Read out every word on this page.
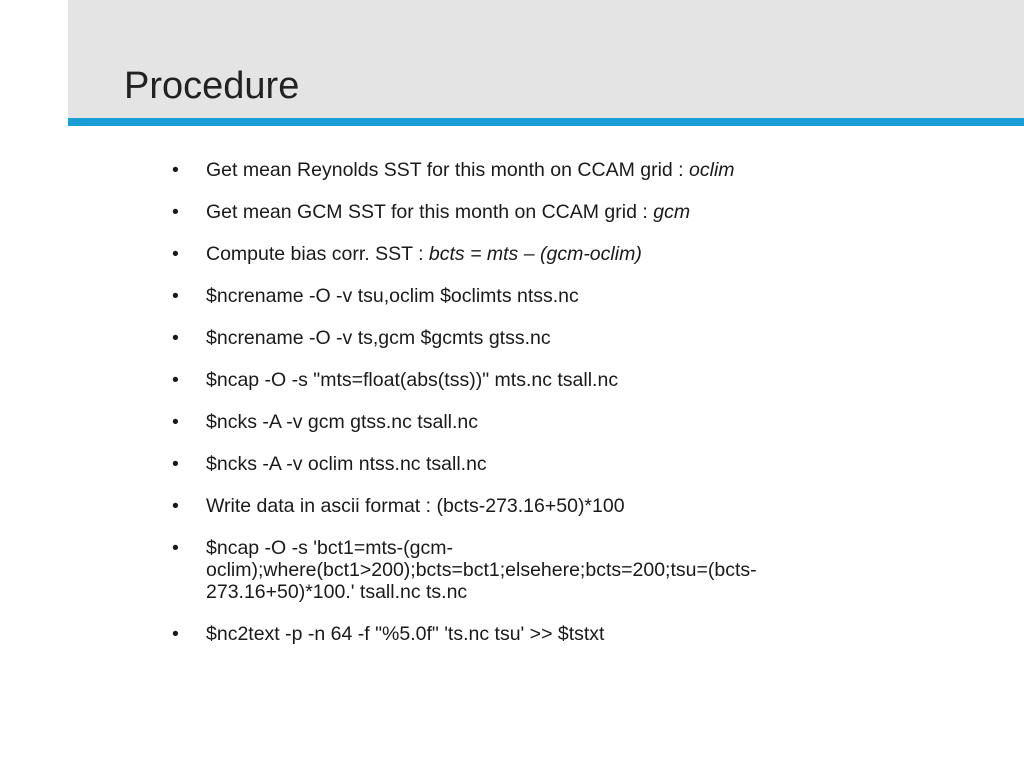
Procedure
• Get mean Reynolds SST for this month on CCAM grid : oclim
• Get mean GCM SST for this month on CCAM grid : gcm
• Compute bias corr. SST : bcts = mts – (gcm-oclim)
• $ncrename -O -v tsu,oclim $oclimts ntss.nc
• $ncrename -O -v ts,gcm $gcmts gtss.nc
• $ncap -O -s "mts=float(abs(tss))" mts.nc tsall.nc
• $ncks -A -v gcm gtss.nc tsall.nc
• $ncks -A -v oclim ntss.nc tsall.nc
• Write data in ascii format : (bcts-273.16+50)*100
• $ncap -O -s 'bct1=mts-(gcm-oclim);where(bct1>200);bcts=bct1;elsehere;bcts=200;tsu=(bcts-273.16+50)*100.' tsall.nc ts.nc
• $nc2text -p -n 64 -f "%5.0f" 'ts.nc tsu' >> $tstxt
